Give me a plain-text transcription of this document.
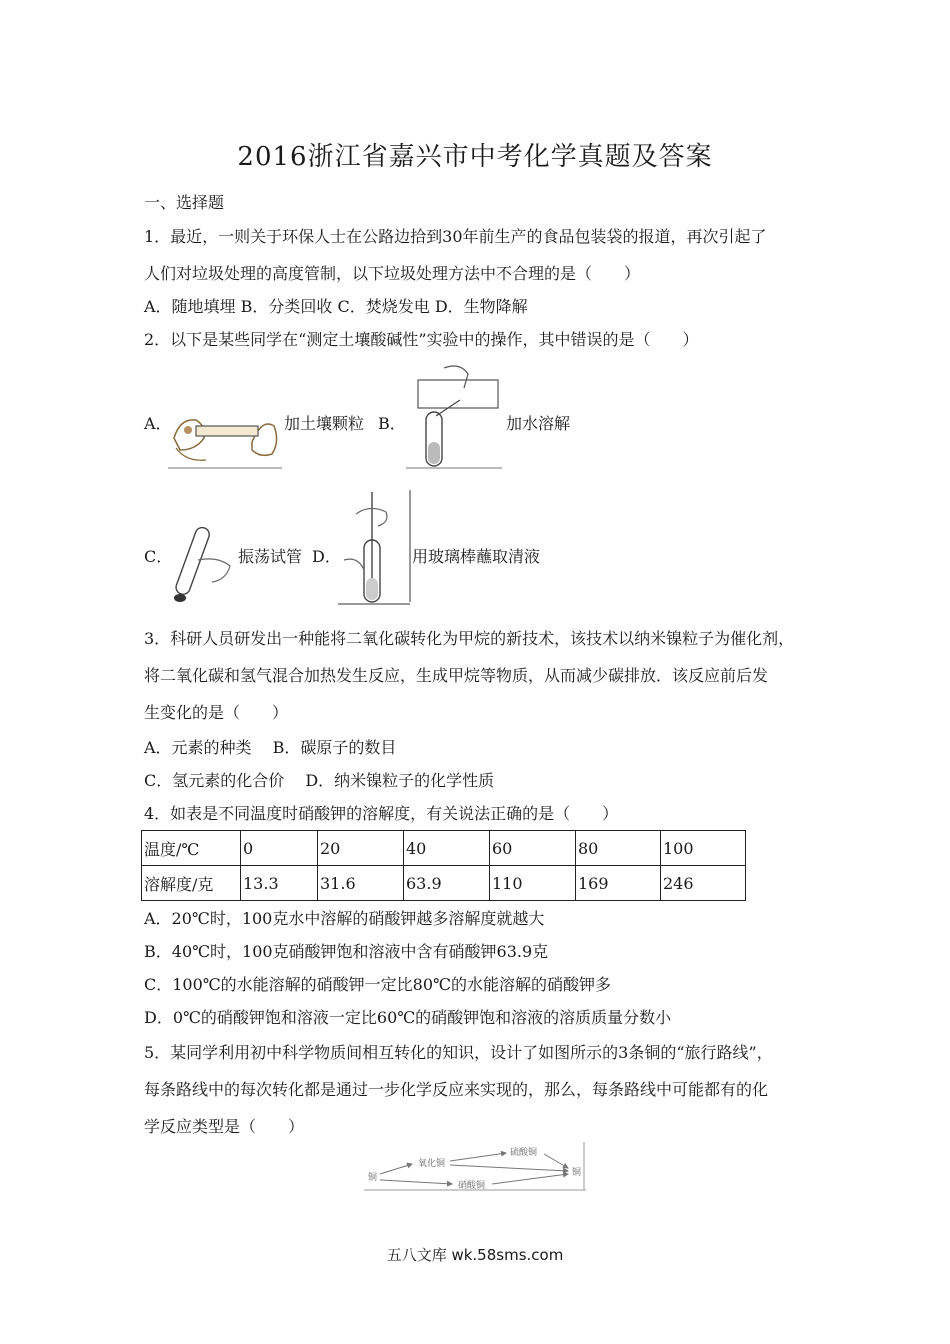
2016浙江省嘉兴市中考化学真题及答案
一、选择题
1．最近，一则关于环保人士在公路边拾到30年前生产的食品包装袋的报道，再次引起了
人们对垃圾处理的高度管制，以下垃圾处理方法中不合理的是（　　）
A．随地填埋 B．分类回收 C．焚烧发电 D．生物降解
2．以下是某些同学在“测定土壤酸碱性”实验中的操作，其中错误的是（　　）
A．	加土壤颗粒 B．	加水溶解
C．	振荡试管 D．	用玻璃棒蘸取清液
3．科研人员研发出一种能将二氧化碳转化为甲烷的新技术，该技术以纳米镍粒子为催化剂，
将二氧化碳和氢气混合加热发生反应，生成甲烷等物质，从而减少碳排放．该反应前后发
生变化的是（　　）
A．元素的种类　 B．碳原子的数目
C．氢元素的化合价　 D．纳米镍粒子的化学性质
4．如表是不同温度时硝酸钾的溶解度，有关说法正确的是（　　）
温度/℃	0	20	40	60	80	100
溶解度/克	13.3	31.6	63.9	110	169	246
A．20℃时，100克水中溶解的硝酸钾越多溶解度就越大
B．40℃时，100克硝酸钾饱和溶液中含有硝酸钾63.9克
C．100℃的水能溶解的硝酸钾一定比80℃的水能溶解的硝酸钾多
D．0℃的硝酸钾饱和溶液一定比60℃的硝酸钾饱和溶液的溶质质量分数小
5．某同学利用初中科学物质间相互转化的知识，设计了如图所示的3条铜的“旅行路线”，
每条路线中的每次转化都是通过一步化学反应来实现的，那么，每条路线中可能都有的化
学反应类型是（　　）
铜
氧化铜
硫酸铜
硝酸铜
铜
五八文库 wk.58sms.com
